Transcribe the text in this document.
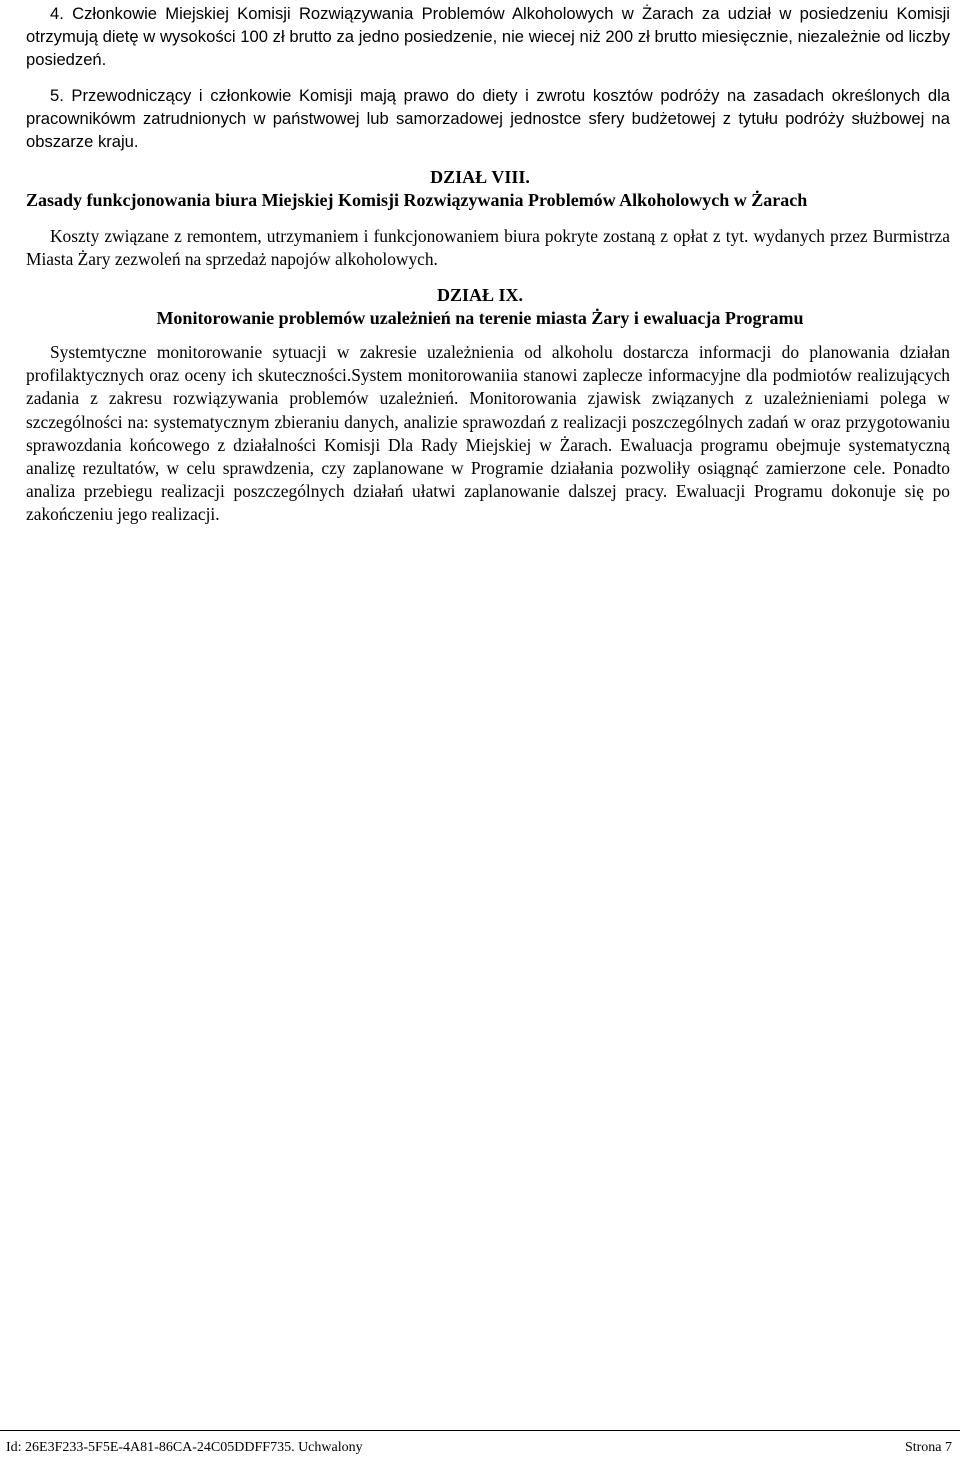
4. Członkowie Miejskiej Komisji Rozwiązywania Problemów Alkoholowych w Żarach za udział w posiedzeniu Komisji otrzymują dietę w wysokości 100 zł brutto za jedno posiedzenie, nie wiecej niż 200 zł brutto miesięcznie, niezależnie od liczby posiedzeń.

5. Przewodniczący i członkowie Komisji mają prawo do diety i zwrotu kosztów podróży na zasadach określonych dla pracownikówm zatrudnionych w państwowej lub samorzadowej jednostce sfery budżetowej z tytułu podróży służbowej na obszarze kraju.

DZIAŁ VIII.
Zasady funkcjonowania biura Miejskiej Komisji Rozwiązywania Problemów Alkoholowych w Żarach

Koszty związane z remontem, utrzymaniem i funkcjonowaniem biura pokryte zostaną z opłat z tyt. wydanych przez Burmistrza Miasta Żary zezwoleń na sprzedaż napojów alkoholowych.

DZIAŁ IX.
Monitorowanie problemów uzależnień na terenie miasta Żary i ewaluacja Programu

Systemtyczne monitorowanie sytuacji w zakresie uzależnienia od alkoholu dostarcza informacji do planowania działan profilaktycznych oraz oceny ich skuteczności.System monitorowaniia stanowi zaplecze informacyjne dla podmiotów realizujących zadania z zakresu rozwiązywania problemów uzależnień. Monitorowania zjawisk związanych z uzależnieniami polega w szczególności na: systematycznym zbieraniu danych, analizie sprawozdań z realizacji poszczególnych zadań w oraz przygotowaniu sprawozdania końcowego z działalności Komisji Dla Rady Miejskiej w Żarach. Ewaluacja programu obejmuje systematyczną analizę rezultatów, w celu sprawdzenia, czy zaplanowane w Programie działania pozwoliły osiągnąć zamierzone cele. Ponadto analiza przebiegu realizacji poszczególnych działań ułatwi zaplanowanie dalszej pracy. Ewaluacji Programu dokonuje się po zakończeniu jego realizacji.

Id: 26E3F233-5F5E-4A81-86CA-24C05DDFF735. Uchwalony	Strona 7
